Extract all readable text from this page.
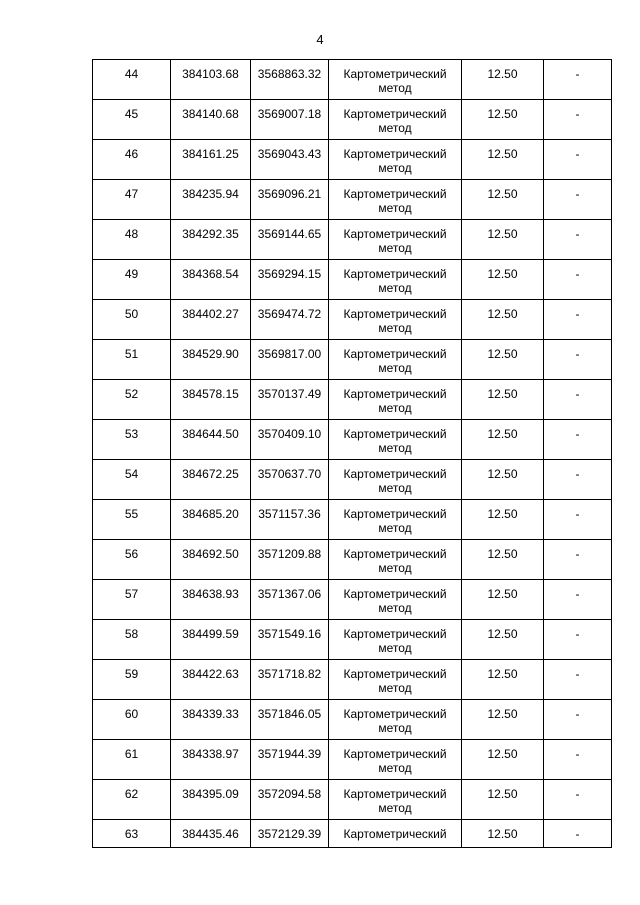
4
44	384103.68	3568863.32	Картометрический метод	12.50	-

45	384140.68	3569007.18	Картометрический метод	12.50	-

46	384161.25	3569043.43	Картометрический метод	12.50	-

47	384235.94	3569096.21	Картометрический метод	12.50	-

48	384292.35	3569144.65	Картометрический метод	12.50	-

49	384368.54	3569294.15	Картометрический метод	12.50	-

50	384402.27	3569474.72	Картометрический метод	12.50	-

51	384529.90	3569817.00	Картометрический метод	12.50	-

52	384578.15	3570137.49	Картометрический метод	12.50	-

53	384644.50	3570409.10	Картометрический метод	12.50	-

54	384672.25	3570637.70	Картометрический метод	12.50	-

55	384685.20	3571157.36	Картометрический метод	12.50	-

56	384692.50	3571209.88	Картометрический метод	12.50	-

57	384638.93	3571367.06	Картометрический метод	12.50	-

58	384499.59	3571549.16	Картометрический метод	12.50	-

59	384422.63	3571718.82	Картометрический метод	12.50	-

60	384339.33	3571846.05	Картометрический метод	12.50	-

61	384338.97	3571944.39	Картометрический метод	12.50	-

62	384395.09	3572094.58	Картометрический метод	12.50	-

63	384435.46	3572129.39	Картометрический	12.50	-
